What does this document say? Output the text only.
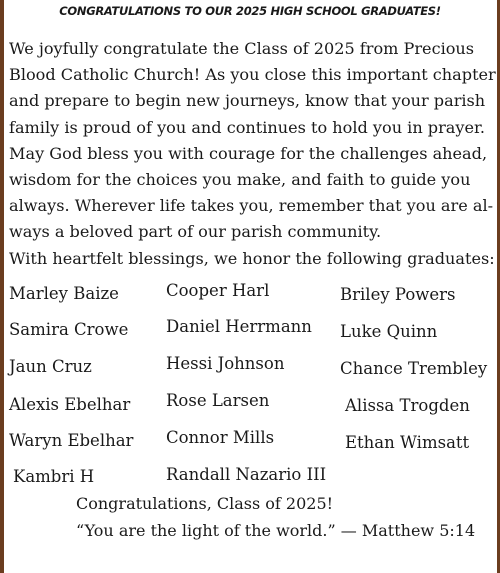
CONGRATULATIONS TO OUR 2025 HIGH SCHOOL GRADUATES!
We joyfully congratulate the Class of 2025 from Precious
Blood Catholic Church! As you close this important chapter
and prepare to begin new journeys, know that your parish
family is proud of you and continues to hold you in prayer.
May God bless you with courage for the challenges ahead,
wisdom for the choices you make, and faith to guide you
always. Wherever life takes you, remember that you are al-
ways a beloved part of our parish community.
With heartfelt blessings, we honor the following graduates:
Marley Baize
Samira Crowe
Jaun Cruz
Alexis Ebelhar
Waryn Ebelhar
Kambri H
Cooper Harl
Daniel Herrmann
Hessi Johnson
Rose Larsen
Connor Mills
Randall Nazario III
Briley Powers
Luke Quinn
Chance Trembley
Alissa Trogden
Ethan Wimsatt
Congratulations, Class of 2025!
“You are the light of the world.” — Matthew 5:14
